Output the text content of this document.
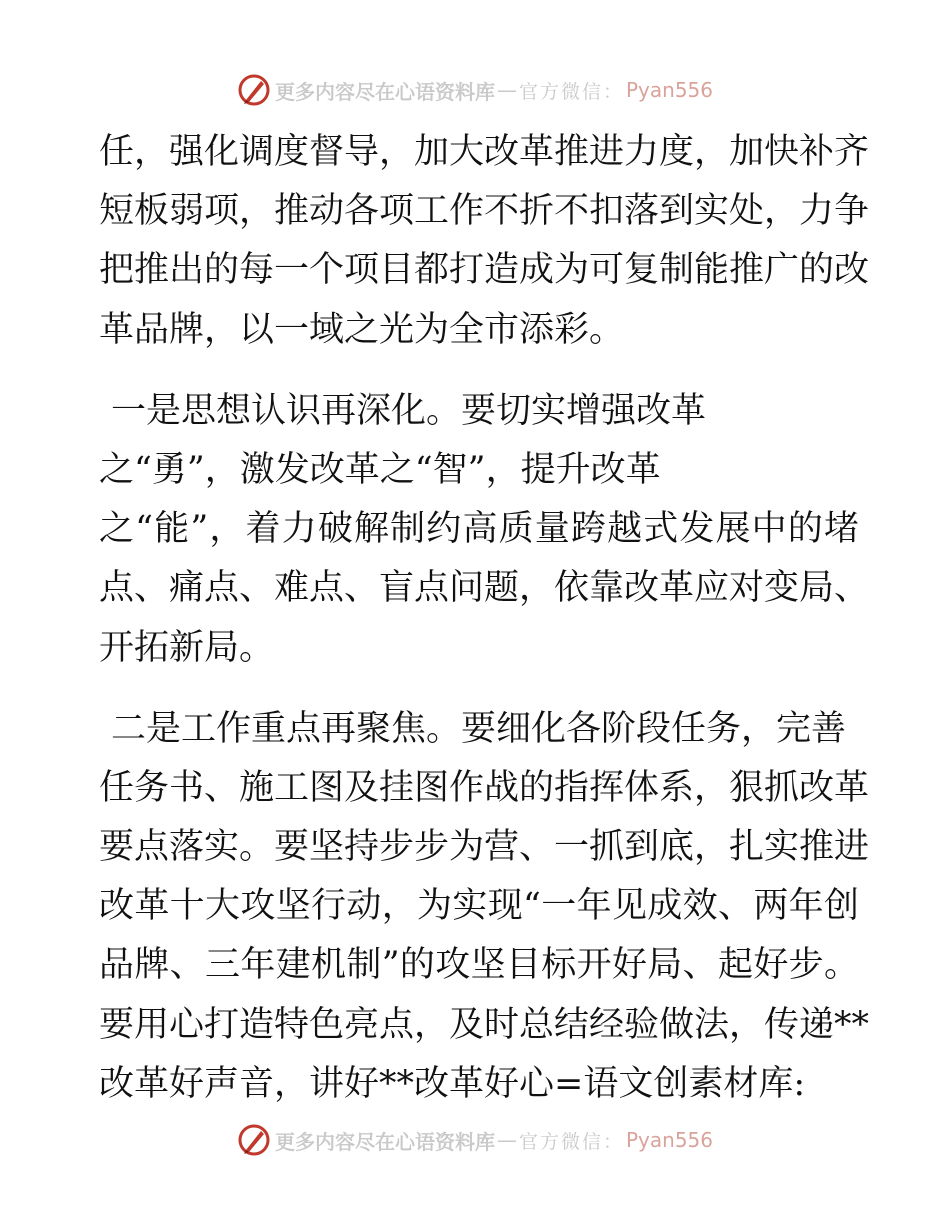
更多内容尽在心语资料库 — 官方微信： Pyan556
任，强化调度督导，加大改革推进力度，加快补齐
短板弱项，推动各项工作不折不扣落到实处，力争
把推出的每一个项目都打造成为可复制能推广的改
革品牌，以一域之光为全市添彩。
一是思想认识再深化。要切实增强改革
之“勇”，激发改革之“智”，提升改革
之“能”，着力破解制约高质量跨越式发展中的堵
点、痛点、难点、盲点问题，依靠改革应对变局、
开拓新局。
二是工作重点再聚焦。要细化各阶段任务，完善
任务书、施工图及挂图作战的指挥体系，狠抓改革
要点落实。要坚持步步为营、一抓到底，扎实推进
改革十大攻坚行动，为实现“一年见成效、两年创
品牌、三年建机制”的攻坚目标开好局、起好步。
要用心打造特色亮点，及时总结经验做法，传递**
改革好声音，讲好**改革好心=语文创素材库:
更多内容尽在心语资料库 — 官方微信： Pyan556
